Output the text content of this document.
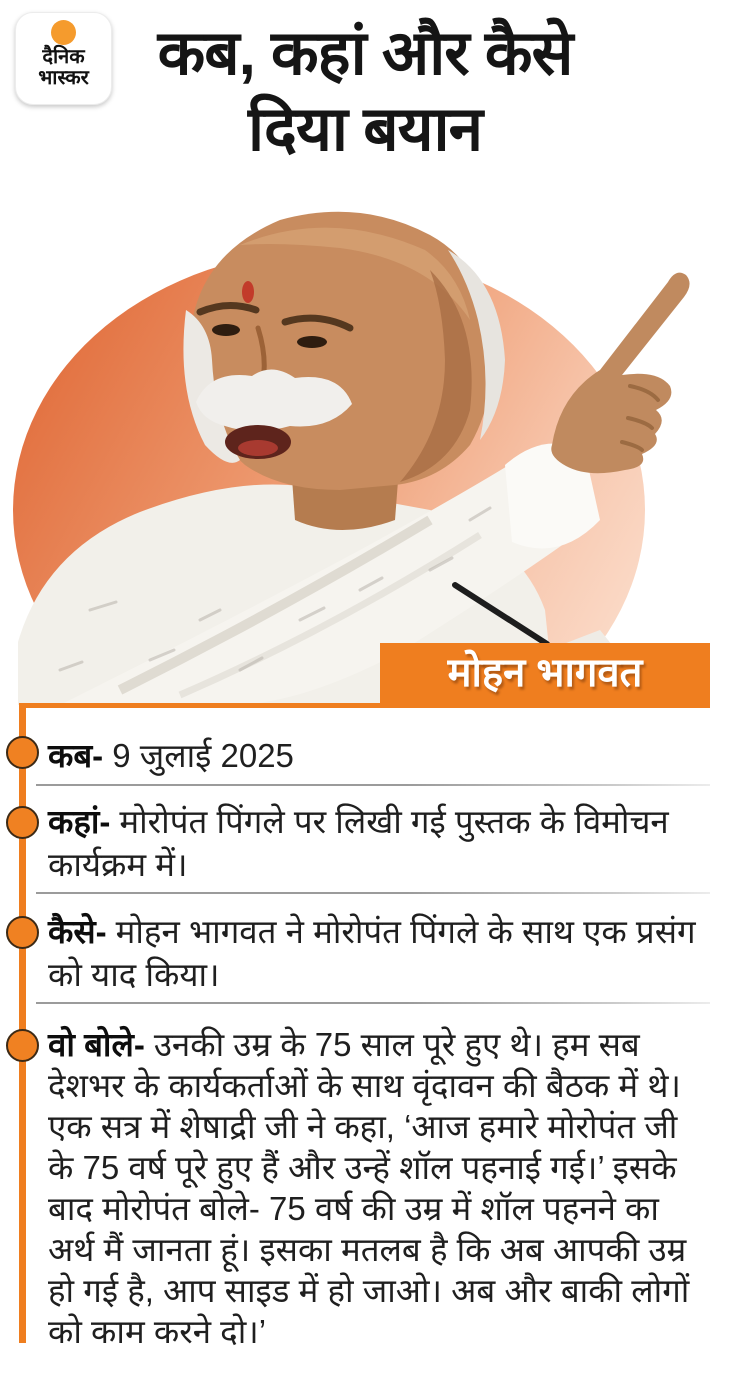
दैनिक
भास्कर	कब, कहां और कैसे
दिया बयान
मोहन भागवत

कब- 9 जुलाई 2025

कहां- मोरोपंत पिंगले पर लिखी गई पुस्तक के विमोचन कार्यक्रम में।

कैसे- मोहन भागवत ने मोरोपंत पिंगले के साथ एक प्रसंग को याद किया।

वो बोले- उनकी उम्र के 75 साल पूरे हुए थे। हम सब देशभर के कार्यकर्ताओं के साथ वृंदावन की बैठक में थे। एक सत्र में शेषाद्री जी ने कहा, ‘आज हमारे मोरोपंत जी के 75 वर्ष पूरे हुए हैं और उन्हें शॉल पहनाई गई।’ इसके बाद मोरोपंत बोले- 75 वर्ष की उम्र में शॉल पहनने का अर्थ मैं जानता हूं। इसका मतलब है कि अब आपकी उम्र हो गई है, आप साइड में हो जाओ। अब और बाकी लोगों को काम करने दो।’
